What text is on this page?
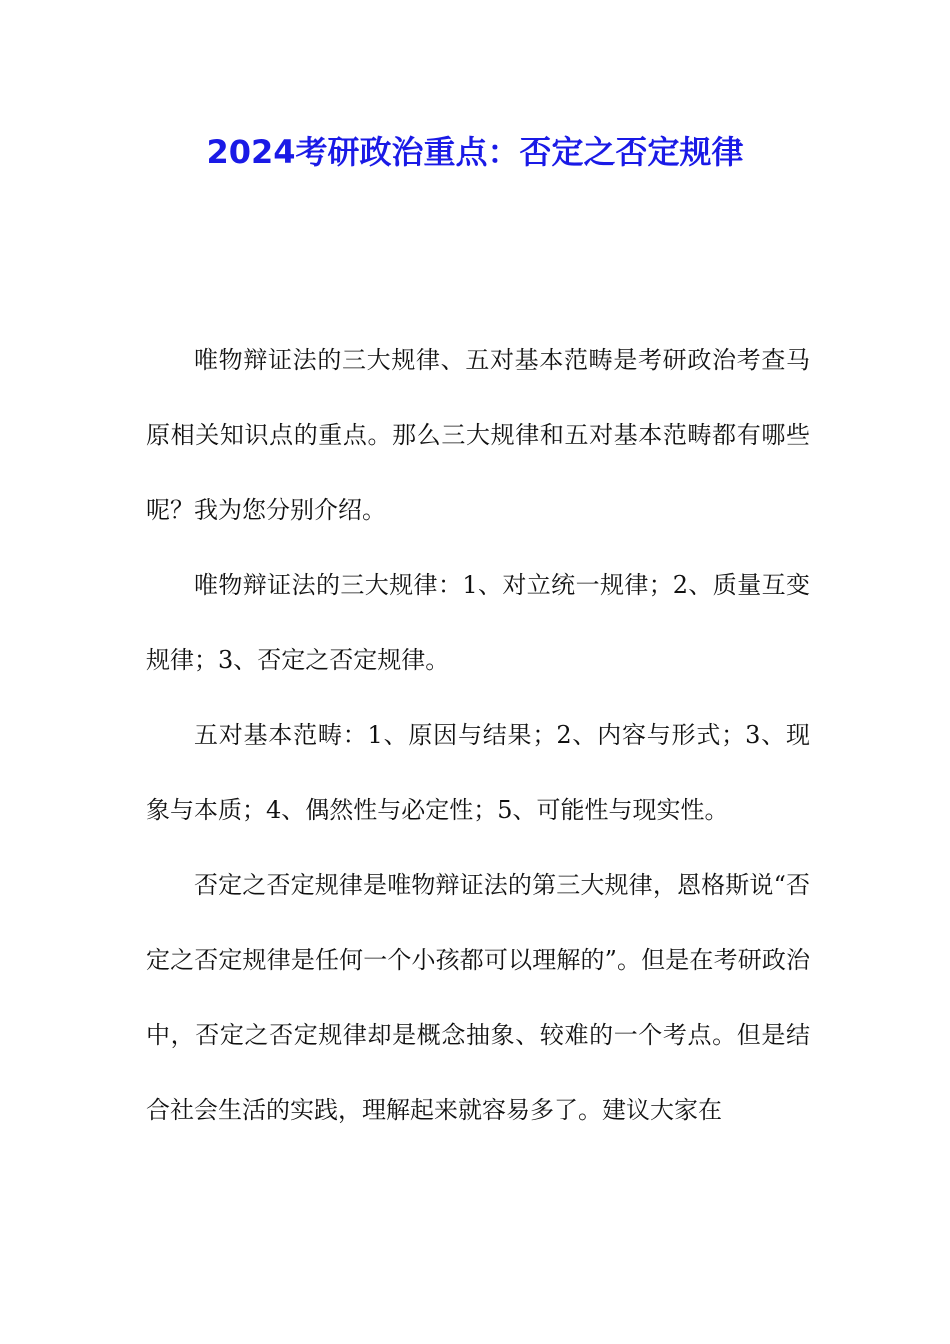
2024考研政治重点：否定之否定规律

唯物辩证法的三大规律、五对基本范畴是考研政治考查马原相关知识点的重点。那么三大规律和五对基本范畴都有哪些呢？我为您分别介绍。

唯物辩证法的三大规律：1、对立统一规律；2、质量互变规律；3、否定之否定规律。

五对基本范畴：1、原因与结果；2、内容与形式；3、现象与本质；4、偶然性与必定性；5、可能性与现实性。

否定之否定规律是唯物辩证法的第三大规律，恩格斯说“否定之否定规律是任何一个小孩都可以理解的”。但是在考研政治中，否定之否定规律却是概念抽象、较难的一个考点。但是结合社会生活的实践，理解起来就容易多了。建议大家在
